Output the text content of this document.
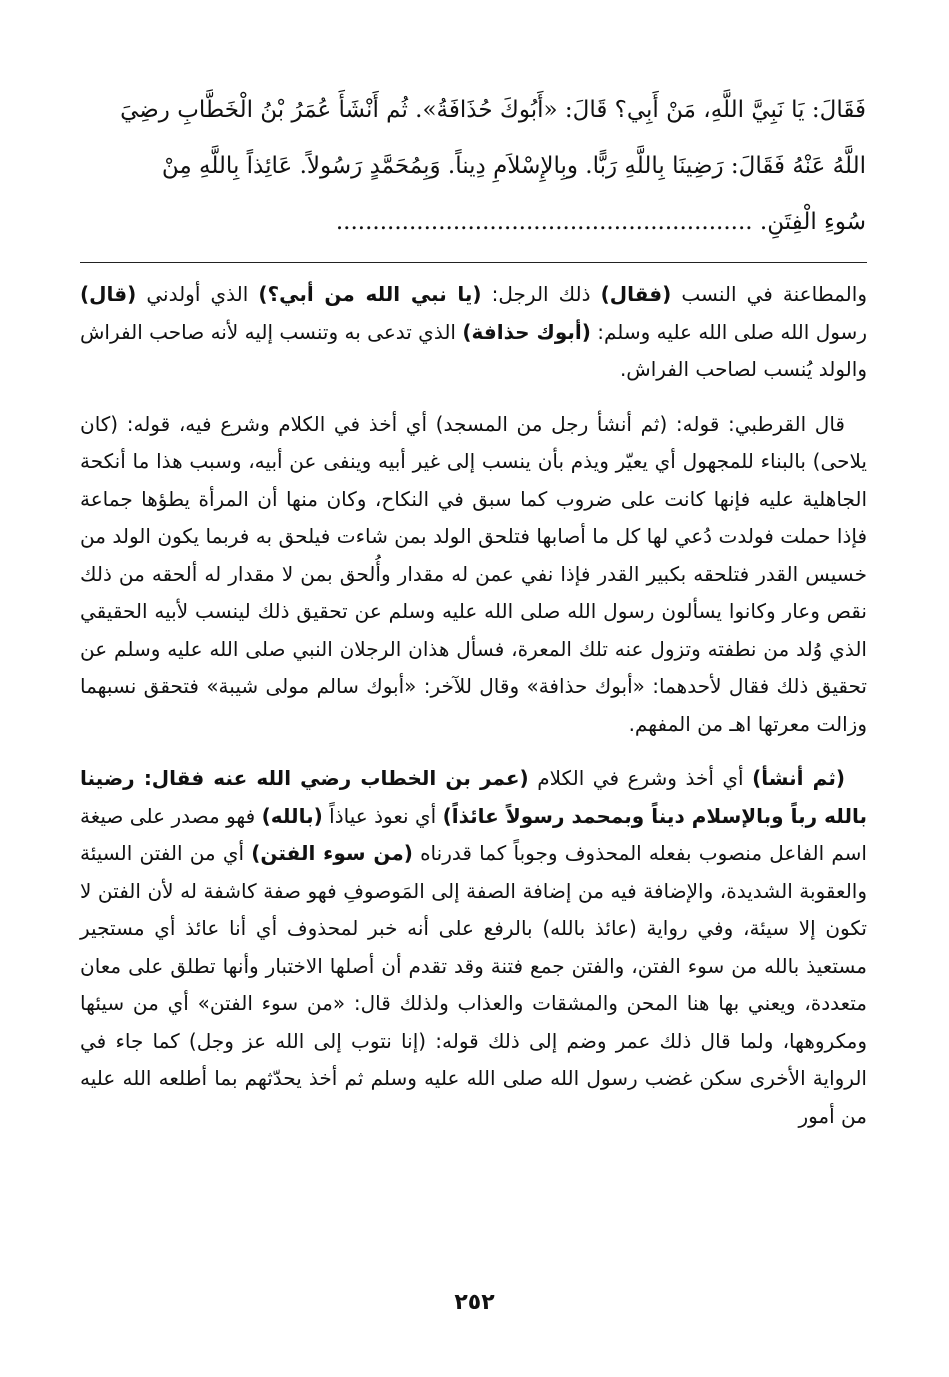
فَقَالَ: يَا نَبِيَّ اللَّهِ، مَنْ أَبِي؟ قَالَ: «أَبُوكَ حُذَافَةُ». ثُم أَنْشَأَ عُمَرُ بْنُ الْخَطَّابِ رضِيَ

اللَّهُ عَنْهُ فَقَالَ: رَضِينَا بِاللَّهِ رَبًّا. وبِالإِسْلاَمِ دِيناً. وَبِمُحَمَّدٍ رَسُولاً. عَائِذاً بِاللَّهِ مِنْ

سُوءِ الْفِتَنِ. .........................................................

والمطاعنة في النسب (فقال) ذلك الرجل: (يا نبي الله من أبي؟) الذي أولدني (قال) رسول الله صلى الله عليه وسلم: (أبوك حذافة) الذي تدعى به وتنسب إليه لأنه صاحب الفراش والولد يُنسب لصاحب الفراش.

قال القرطبي: قوله: (ثم أنشأ رجل من المسجد) أي أخذ في الكلام وشرع فيه، قوله: (كان يلاحى) بالبناء للمجهول أي يعيّر ويذم بأن ينسب إلى غير أبيه وينفى عن أبيه، وسبب هذا ما أنكحة الجاهلية عليه فإنها كانت على ضروب كما سبق في النكاح، وكان منها أن المرأة يطؤها جماعة فإذا حملت فولدت دُعي لها كل ما أصابها فتلحق الولد بمن شاءت فيلحق به فربما يكون الولد من خسيس القدر فتلحقه بكبير القدر فإذا نفي عمن له مقدار وأُلحق بمن لا مقدار له ألحقه من ذلك نقص وعار وكانوا يسألون رسول الله صلى الله عليه وسلم عن تحقيق ذلك لينسب لأبيه الحقيقي الذي وُلد من نطفته وتزول عنه تلك المعرة، فسأل هذان الرجلان النبي صلى الله عليه وسلم عن تحقيق ذلك فقال لأحدهما: «أبوك حذافة» وقال للآخر: «أبوك سالم مولى شيبة» فتحقق نسبهما وزالت معرتها اهـ من المفهم.

(ثم أنشأ) أي أخذ وشرع في الكلام (عمر بن الخطاب رضي الله عنه فقال: رضينا بالله رباً وبالإسلام ديناً وبمحمد رسولاً عائذاً) أي نعوذ عياذاً (بالله) فهو مصدر على صيغة اسم الفاعل منصوب بفعله المحذوف وجوباً كما قدرناه (من سوء الفتن) أي من الفتن السيئة والعقوبة الشديدة، والإضافة فيه من إضافة الصفة إلى المَوصوفِ فهو صفة كاشفة له لأن الفتن لا تكون إلا سيئة، وفي رواية (عائذ بالله) بالرفع على أنه خبر لمحذوف أي أنا عائذ أي مستجير مستعيذ بالله من سوء الفتن، والفتن جمع فتنة وقد تقدم أن أصلها الاختبار وأنها تطلق على معان متعددة، ويعني بها هنا المحن والمشقات والعذاب ولذلك قال: «من سوء الفتن» أي من سيئها ومكروهها، ولما قال ذلك عمر وضم إلى ذلك قوله: (إنا نتوب إلى الله عز وجل) كما جاء في الرواية الأخرى سكن غضب رسول الله صلى الله عليه وسلم ثم أخذ يحدّثهم بما أطلعه الله عليه من أمور

٢٥٢
